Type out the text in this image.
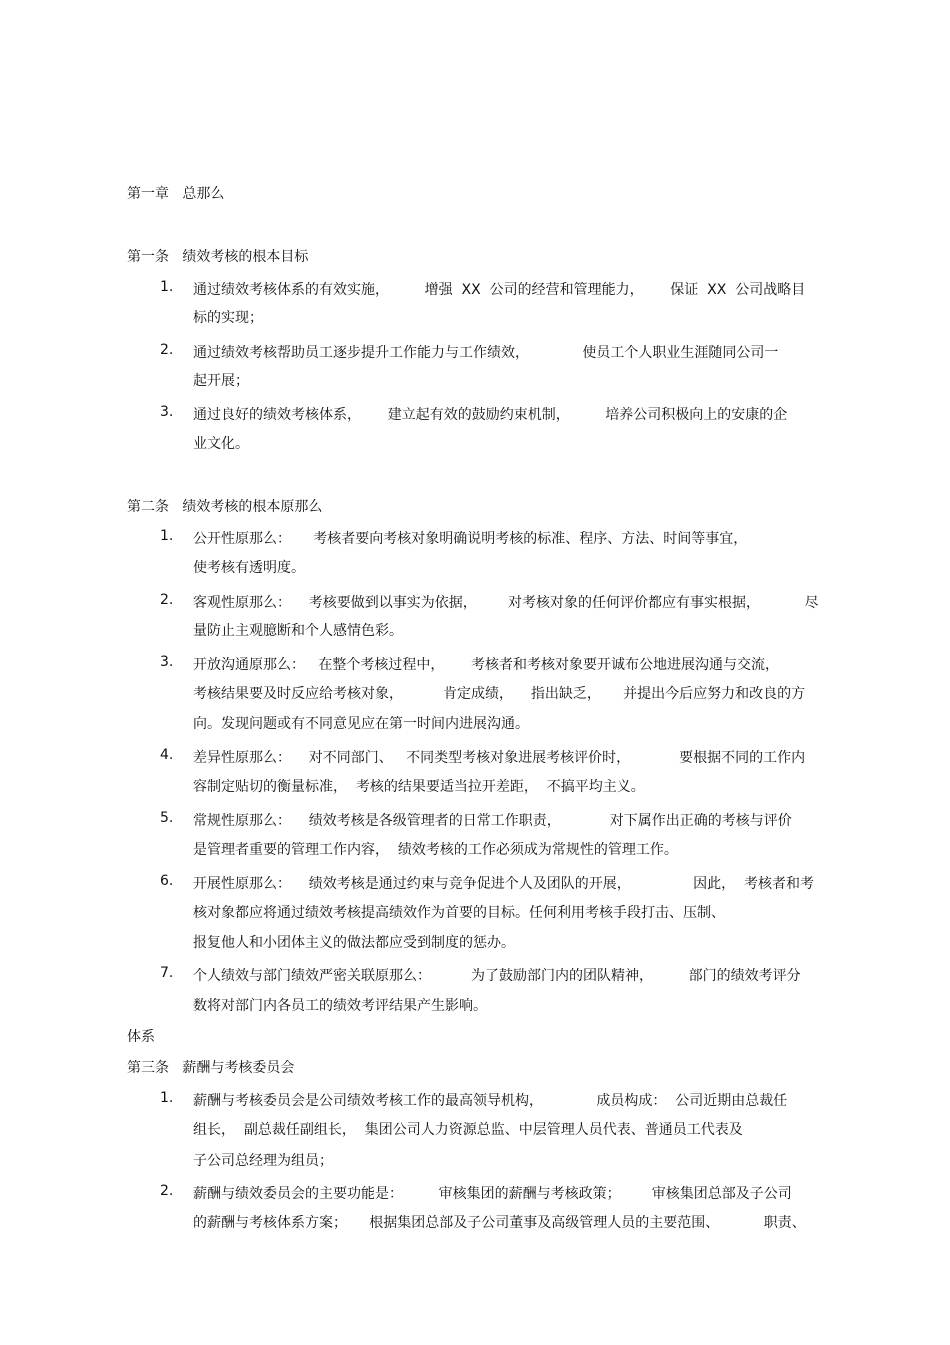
第一章   总那么
第一条   绩效考核的根本目标
1. 通过绩效考核体系的有效实施，        增强  XX  公司的经营和管理能力，      保证  XX  公司战略目
标的实现；
2. 通过绩效考核帮助员工逐步提升工作能力与工作绩效，            使员工个人职业生涯随同公司一
起开展；
3. 通过良好的绩效考核体系，      建立起有效的鼓励约束机制，        培养公司积极向上的安康的企
业文化。
第二条   绩效考核的根本原那么
1. 公开性原那么：     考核者要向考核对象明确说明考核的标准、程序、方法、时间等事宜，
使考核有透明度。
2. 客观性原那么：    考核要做到以事实为依据，       对考核对象的任何评价都应有事实根据，          尽
量防止主观臆断和个人感情色彩。
3. 开放沟通原那么：   在整个考核过程中，      考核者和考核对象要开诚布公地进展沟通与交流，
考核结果要及时反应给考核对象，         肯定成绩，    指出缺乏，     并提出今后应努力和改良的方
向。发现问题或有不同意见应在第一时间内进展沟通。
4. 差异性原那么：    对不同部门、   不同类型考核对象进展考核评价时，           要根据不同的工作内
容制定贴切的衡量标准，  考核的结果要适当拉开差距，  不搞平均主义。
5. 常规性原那么：    绩效考核是各级管理者的日常工作职责，           对下属作出正确的考核与评价
是管理者重要的管理工作内容，  绩效考核的工作必须成为常规性的管理工作。
6. 开展性原那么：    绩效考核是通过约束与竞争促进个人及团队的开展，              因此，  考核者和考
核对象都应将通过绩效考核提高绩效作为首要的目标。任何利用考核手段打击、压制、
报复他人和小团体主义的做法都应受到制度的惩办。
7. 个人绩效与部门绩效严密关联原那么：         为了鼓励部门内的团队精神，        部门的绩效考评分
数将对部门内各员工的绩效考评结果产生影响。
体系
第三条   薪酬与考核委员会
1. 薪酬与考核委员会是公司绩效考核工作的最高领导机构，            成员构成：  公司近期由总裁任
组长，  副总裁任副组长，  集团公司人力资源总监、中层管理人员代表、普通员工代表及
子公司总经理为组员；
2. 薪酬与绩效委员会的主要功能是：        审核集团的薪酬与考核政策；       审核集团总部及子公司
的薪酬与考核体系方案；     根据集团总部及子公司董事及高级管理人员的主要范围、          职责、
